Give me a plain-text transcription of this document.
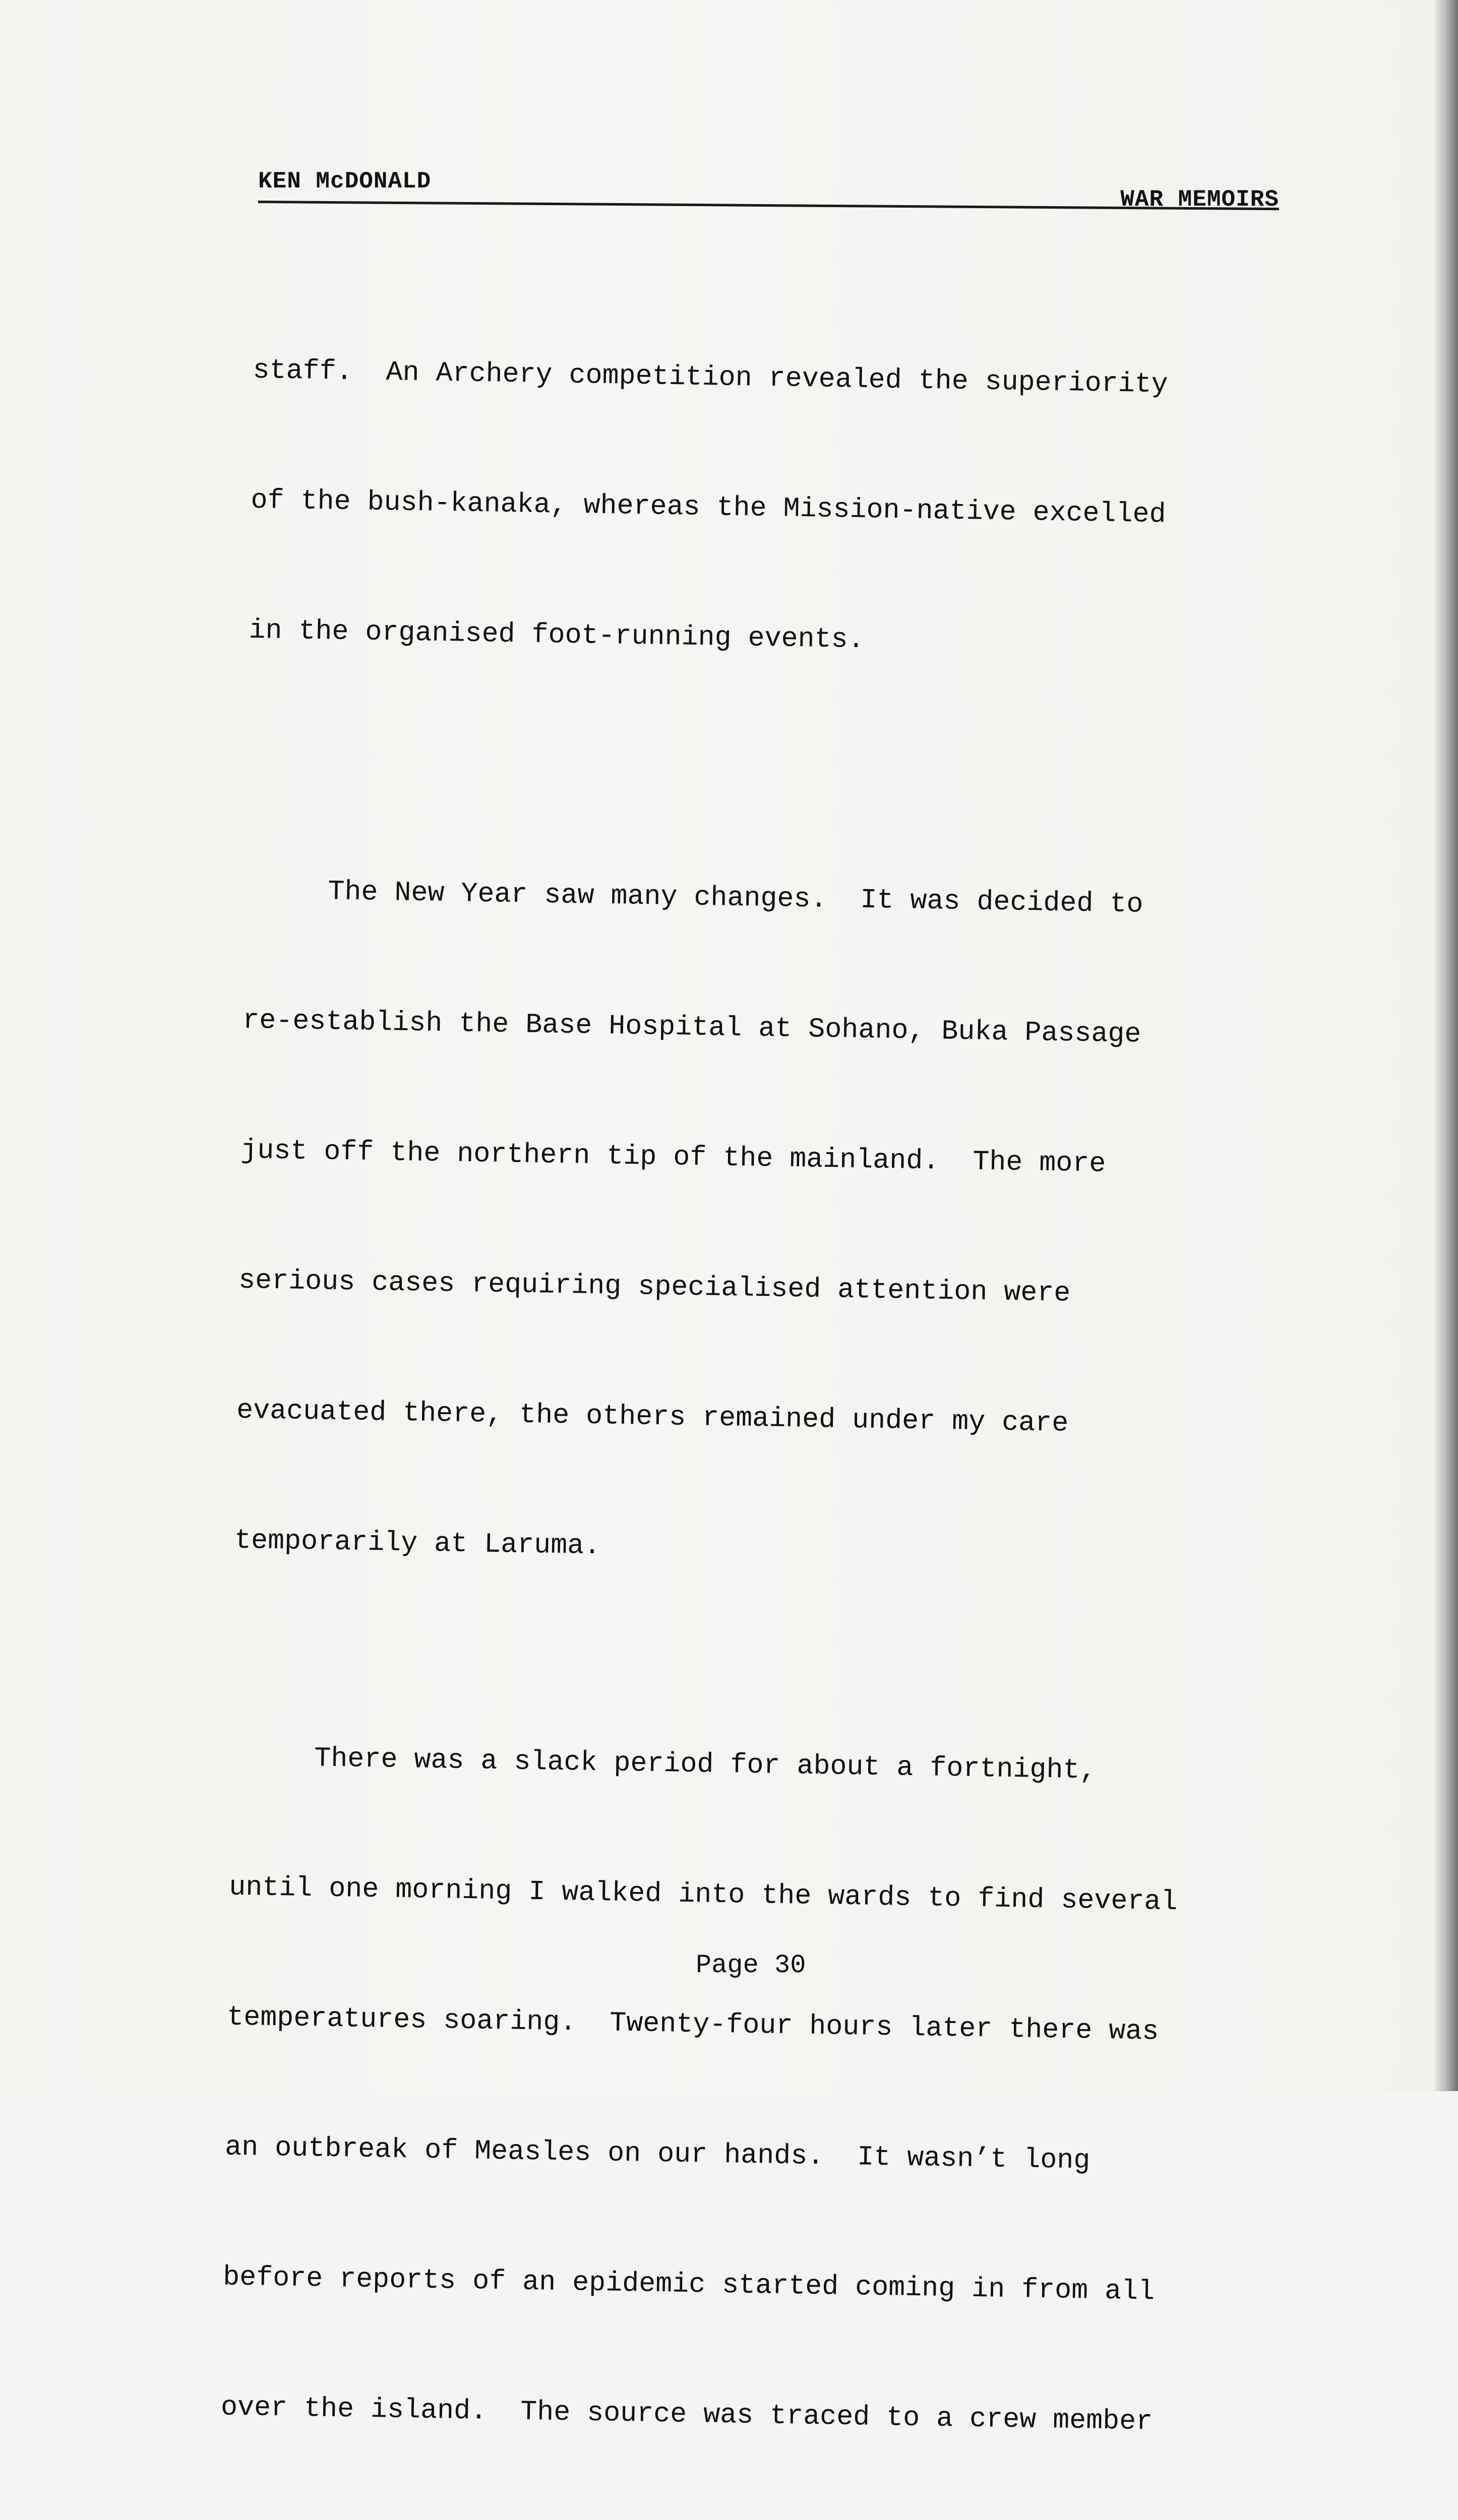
KEN McDONALD
WAR MEMOIRS

staff.  An Archery competition revealed the superiority

of the bush-kanaka, whereas the Mission-native excelled

in the organised foot-running events.

The New Year saw many changes.  It was decided to

re-establish the Base Hospital at Sohano, Buka Passage

just off the northern tip of the mainland.  The more

serious cases requiring specialised attention were

evacuated there, the others remained under my care

temporarily at Laruma.

There was a slack period for about a fortnight,

until one morning I walked into the wards to find several

temperatures soaring.  Twenty-four hours later there was

an outbreak of Measles on our hands.  It wasn’t long

before reports of an epidemic started coming in from all

over the island.  The source was traced to a crew member

Page 30
